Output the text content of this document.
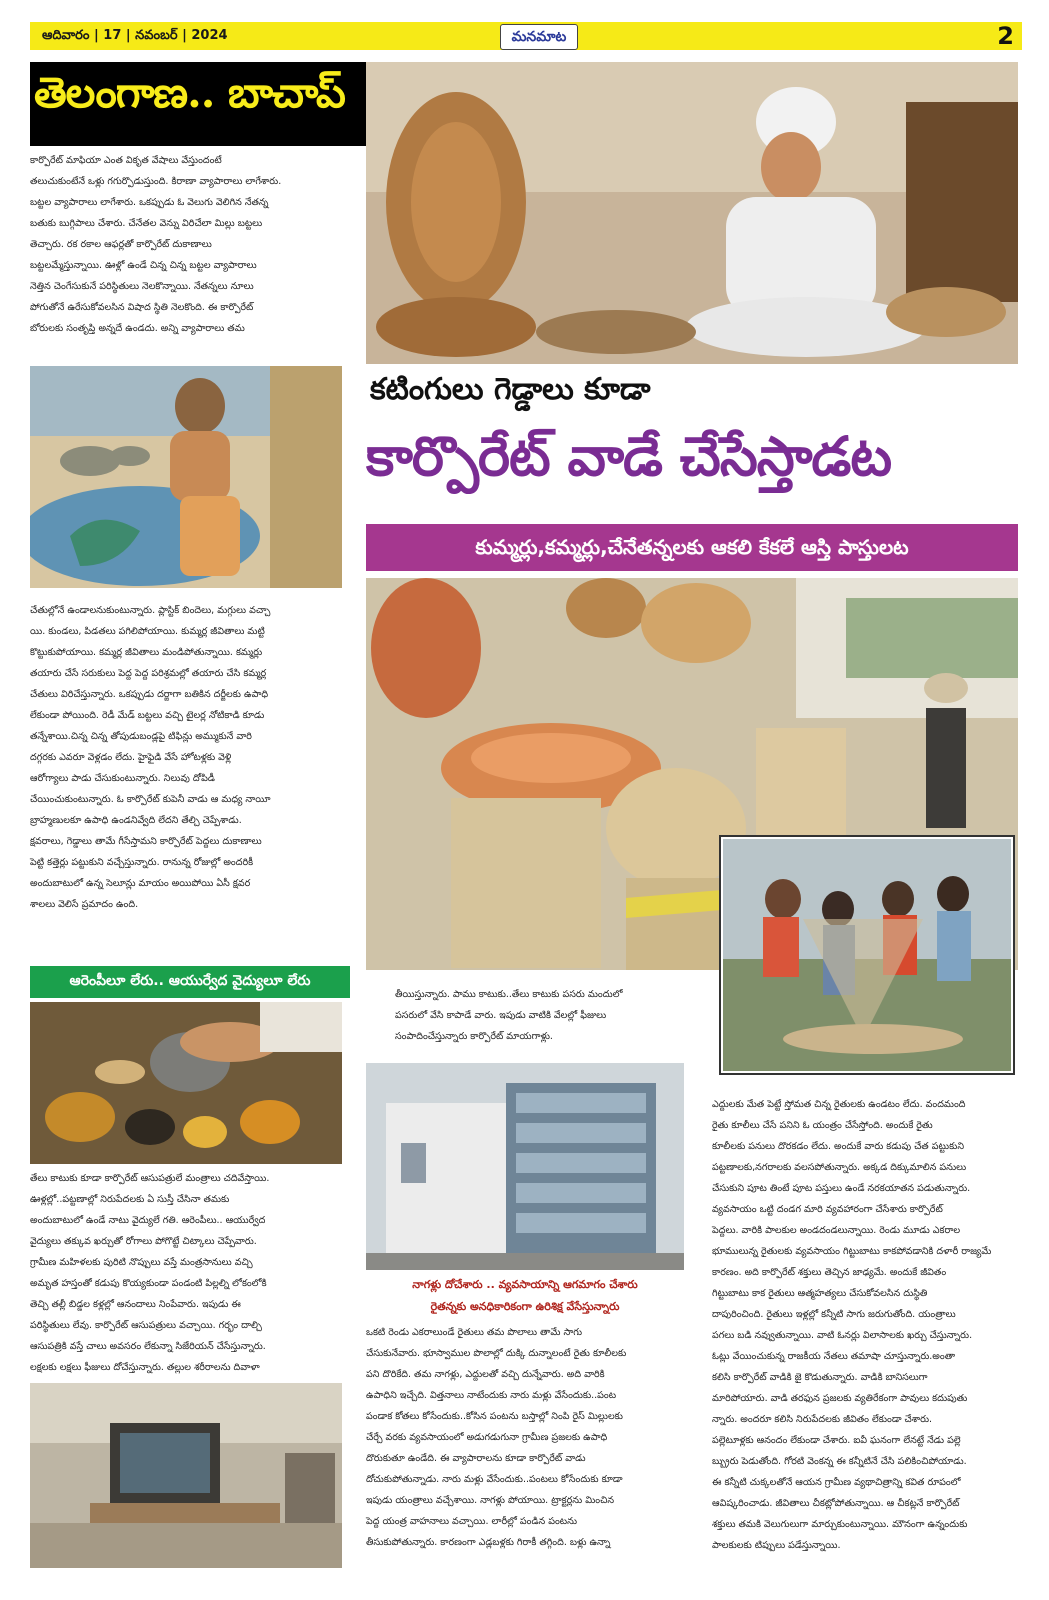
ఆదివారం | 17 | నవంబర్ | 2024	మనమాట	2
తెలంగాణ.. బాచాప్

కార్పొరేట్ మాఫియా ఎంత వికృత వేషాలు వేస్తుందంటే

తలుచుకుంటేనే ఒళ్లు గగుర్పొడుస్తుంది. కిరాణా వ్యాపారాలు లాగేశారు.

బట్టల వ్యాపారాలు లాగేశారు. ఒకప్పుడు ఓ వెలుగు వెలిగిన నేతన్న

బతుకు బుగ్గిపాలు చేశారు. చేనేతల వెన్ను విరిచేలా మిల్లు బట్టలు

తెచ్చారు. రక రకాల ఆఫర్లతో కార్పొరేట్ దుకాణాలు

బట్టలమ్మేస్తున్నాయి. ఊళ్లో ఉండే చిన్న చిన్న బట్టల వ్యాపారాలు

నెత్తిన చెంగేసుకునే పరిస్థితులు నెలకొన్నాయి. నేతన్నలు నూలు

పోగుతోనే ఉరేసుకోవలసిన విషాద స్థితి నెలకొంది. ఈ కార్పొరేట్

బోరులకు సంతృప్తి అన్నదే ఉండదు. అన్ని వ్యాపారాలు తమ

కటింగులు గెడ్డాలు కూడా
కార్పొరేట్ వాడే చేసేస్తాడట
కుమ్మర్లు,కమ్మర్లు,చేనేతన్నలకు ఆకలి కేకలే ఆస్తి పాస్తులట

చేతుల్లోనే ఉండాలనుకుంటున్నారు. ప్లాస్టిక్ బిందెలు, మగ్గులు వచ్చా

యి. కుండలు, పిడతలు పగిలిపోయాయి. కుమ్మర్ల జీవితాలు మట్టి

కొట్టుకుపోయాయి. కమ్మర్ల జీవితాలు మండిపోతున్నాయి. కమ్మర్లు

తయారు చేసే సరుకులు పెద్ద పెద్ద పరిశ్రమల్లో తయారు చేసి కమ్మర్ల

చేతులు విరిచేస్తున్నారు. ఒకప్పుడు దర్జాగా బతికిన దర్జీలకు ఉపాధి

లేకుండా పోయింది. రెడీ మేడ్ బట్టలు వచ్చి టైలర్ల నోటికాడి కూడు

తన్నేశాయి.చిన్న చిన్న తోపుడుబండ్లపై టిఫిన్లు అమ్ముకునే వారి

దగ్గరకు ఎవరూ వెళ్లడం లేదు. హైఫైడి వేసే హోటళ్లకు వెళ్లి

ఆరోగ్యాలు పాడు చేసుకుంటున్నారు. నిలువు దోపిడీ

చేయించుకుంటున్నారు. ఓ కార్పొరేట్ కుపెనీ వాడు ఆ మధ్య నాయీ

బ్రాహ్మణులకూ ఉపాధి ఉండనివ్వేది లేదని తేల్చి చెప్పేశాడు.

క్షవరాలు, గెడ్డాలు తామే గీసేస్తామని కార్పొరేట్ పెద్దలు దుకాణాలు

పెట్టి కత్తెర్లు పట్టుకుని వచ్చేస్తున్నారు. రానున్న రోజుల్లో అందరికీ

అందుబాటులో ఉన్న సెలూన్లు మాయం అయిపోయి ఏసీ క్షవర

శాలలు వెలిసే ప్రమాదం ఉంది.

ఆరెంపీలూ లేరు.. ఆయుర్వేద వైద్యులూ లేరు

తేలు కాటుకు కూడా కార్పొరేట్ ఆసుపత్రులే మంత్రాలు చదివేస్తాయి.

ఊళ్లల్లో..పట్టణాల్లో నిరుపేదలకు ఏ సుస్తీ చేసినా తమకు

అందుబాటులో ఉండే నాటు వైద్యులే గతి. ఆరెంపీలు.. ఆయుర్వేద

వైద్యులు తక్కువ ఖర్చుతో రోగాలు పోగొట్టే చిట్కాలు చెప్పేవారు.

గ్రామీణ మహిళలకు పురిటి నొప్పులు వస్తే మంత్రసానులు వచ్చి

అమృత హస్తంతో కడుపు కొయ్యకుండా పండంటి పిల్లల్ని లోకంలోకి

తెచ్చి తల్లీ బిడ్డల కళ్లల్లో ఆనందాలు నింపేవారు. ఇపుడు ఈ

పరిస్థితులు లేవు. కార్పొరేట్ ఆసుపత్రులు వచ్చాయి. గర్భం దాల్చి

ఆసుపత్రికి వస్తే చాలు అవసరం లేకున్నా సిజేరియన్ చేసేస్తున్నారు.

లక్షలకు లక్షలు ఫీజులు దోచేస్తున్నారు. తల్లుల శరీరాలను దివాళా

తీయిస్తున్నారు. పాము కాటుకు..తేలు కాటుకు పసరు మందులో

పసరులో వేసి కాపాడే వారు. ఇపుడు వాటికి వేలల్లో ఫీజులు

సంపాదించేస్తున్నారు కార్పొరేట్ మాయగాళ్లు.

నాగళ్లు దోచేశారు .. వ్యవసాయాన్ని ఆగమాగం చేశారు
రైతన్నకు అనధికారికంగా ఉరిశిక్ష వేసేస్తున్నారు

ఒకటి రెండు ఎకరాలుండే రైతులు తమ పొలాలు తామే సాగు

చేసుకునేవారు. భూస్వాముల పొలాల్లో దుక్కి దున్నాలంటే రైతు కూలీలకు

పని దొరికేది. తమ నాగళ్లు, ఎద్దులతో వచ్చి దున్నేవారు. అది వారికి

ఉపాధిని ఇచ్చేది. విత్తనాలు నాటేందుకు నారు మళ్లు వేసేందుకు..పంట

పండాక కోతలు కోసేందుకు..కోసిన పంటను బస్తాల్లో నింపి రైస్ మిల్లులకు

చేర్చే వరకు వ్యవసాయంలో అడుగడుగునా గ్రామీణ ప్రజలకు ఉపాధి

దొరుకుతూ ఉండేది. ఈ వ్యాపారాలను కూడా కార్పొరేట్ వాడు

దోచుకుపోతున్నాడు. నారు మళ్లు వేసేందుకు..పంటలు కోసేందుకు కూడా

ఇపుడు యంత్రాలు వచ్చేశాయి. నాగళ్లు పోయాయి. ట్రాక్టర్లను మించిన

పెద్ద యంత్ర వాహనాలు వచ్చాయి. లారీల్లో పండిన పంటను

తీసుకుపోతున్నారు. కారణంగా ఎడ్లబళ్లకు గిరాకీ తగ్గింది. బళ్లు ఉన్నా

ఎద్దులకు మేత పెట్టే స్తోమత చిన్న రైతులకు ఉండటం లేదు. వందమంది

రైతు కూలీలు చేసే పనిని ఓ యంత్రం చేసేస్తోంది. అందుకే రైతు

కూలీలకు పనులు దొరకడం లేదు. అందుకే వారు కడుపు చేత పట్టుకుని

పట్టణాలకు,నగరాలకు వలసపోతున్నారు. అక్కడ దిక్కుమాలిన పనులు

చేసుకుని పూట తింటే పూట పస్తులు ఉండే నరకయాతన పడుతున్నారు.

వ్యవసాయం ఒట్టి దండగ మారి వ్యవహారంగా చేసేశారు కార్పొరేట్

పెద్దలు. వారికి పాలకుల అండదండలున్నాయి. రెండు మూడు ఎకరాల

భూములున్న రైతులకు వ్యవసాయం గిట్టుబాటు కాకపోవడానికి దళారీ రాజ్యమే

కారణం. అది కార్పొరేట్ శక్తులు తెచ్చిన జాఢ్యమే. అందుకే జీవితం

గిట్టుబాటు కాక రైతులు ఆత్మహత్యలు చేసుకోవలసిన దుస్థితి

దాపురించింది. రైతులు ఇళ్లల్లో కన్నీటి సాగు జరుగుతోంది. యంత్రాలు

పగలు బడి నవ్వుతున్నాయి. వాటి ఓనర్లు విలాసాలకు ఖర్చు చేస్తున్నారు.

ఓట్లు వేయించుకున్న రాజకీయ నేతలు తమాషా చూస్తున్నారు.అంతా

కలిసి కార్పొరేట్ వాడికి జై కొడుతున్నారు. వాడికి బానిసలుగా

మారిపోయారు. వాడి తరఫున ప్రజలకు వ్యతిరేకంగా పావులు కదుపుతు

న్నారు. అందరూ కలిసి నిరుపేదలకు జీవితం లేకుండా చేశారు.

పల్లెటూళ్లకు ఆనందం లేకుండా చేశారు. ఐవీ ఘనంగా లేనట్టే నేడు పల్లె

బ్బ్రురు పెడుతోంది. గోరటి వెంకన్న ఈ కన్నీటినే చేసి పలికించిపోయాడు.

ఈ కన్నీటి చుక్కలతోనే ఆయన గ్రామీణ వ్యథాచిత్రాన్ని కవిత రూపంలో

ఆవిష్కరించాడు. జీవితాలు చీకట్లోపోతున్నాయి. ఆ చీకట్లనే కార్పొరేట్

శక్తులు తమకి వెలుగులుగా మార్చుకుంటున్నాయి. మౌనంగా ఉన్నందుకు

పాలకులకు టిప్పులు పడేస్తున్నాయి.
